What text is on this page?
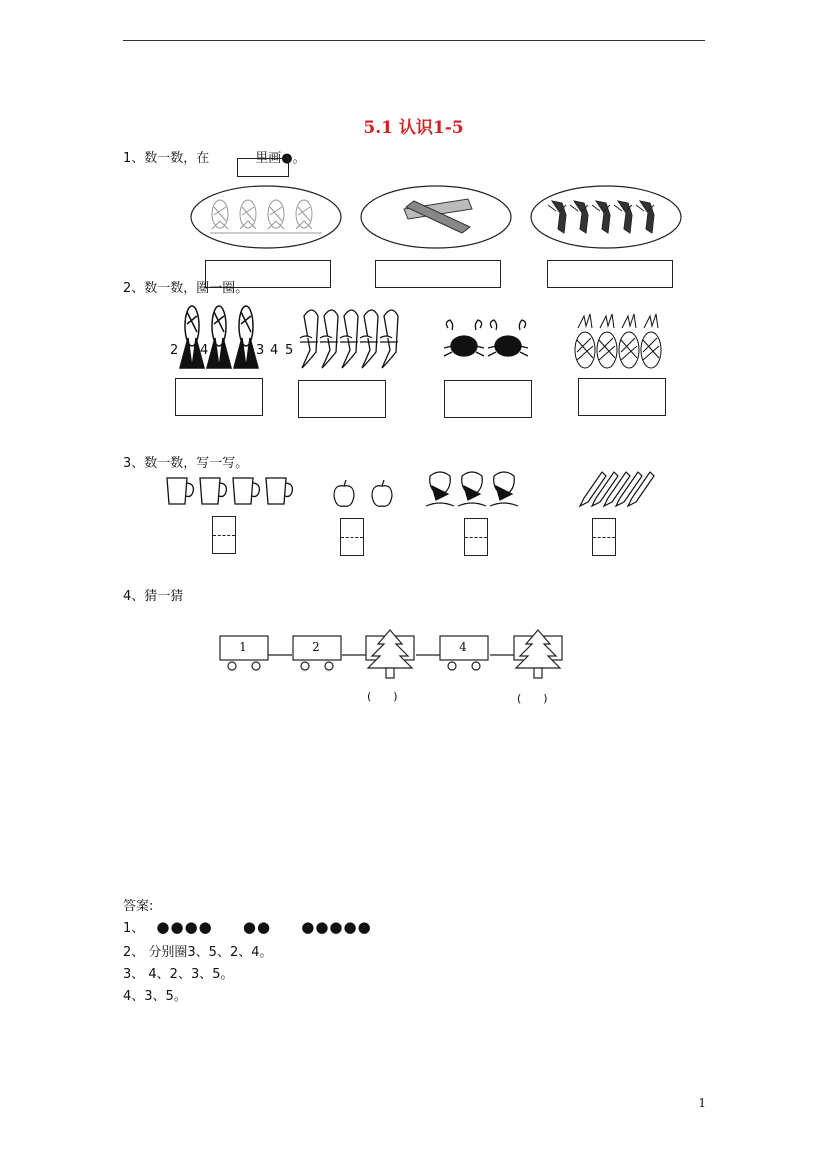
5.1 认识1-5
1、数一数，在	里画●。
2、数一数，圈一圈。
2 4	3 4 5
3、数一数，写一写。
4、猜一猜
1	2	4
(　　)	(　　)
答案:
1、 ●●●● ●● ●●●●●
2、 分别圈3、5、2、4。
3、 4、2、3、5。
4、3、5。
1
